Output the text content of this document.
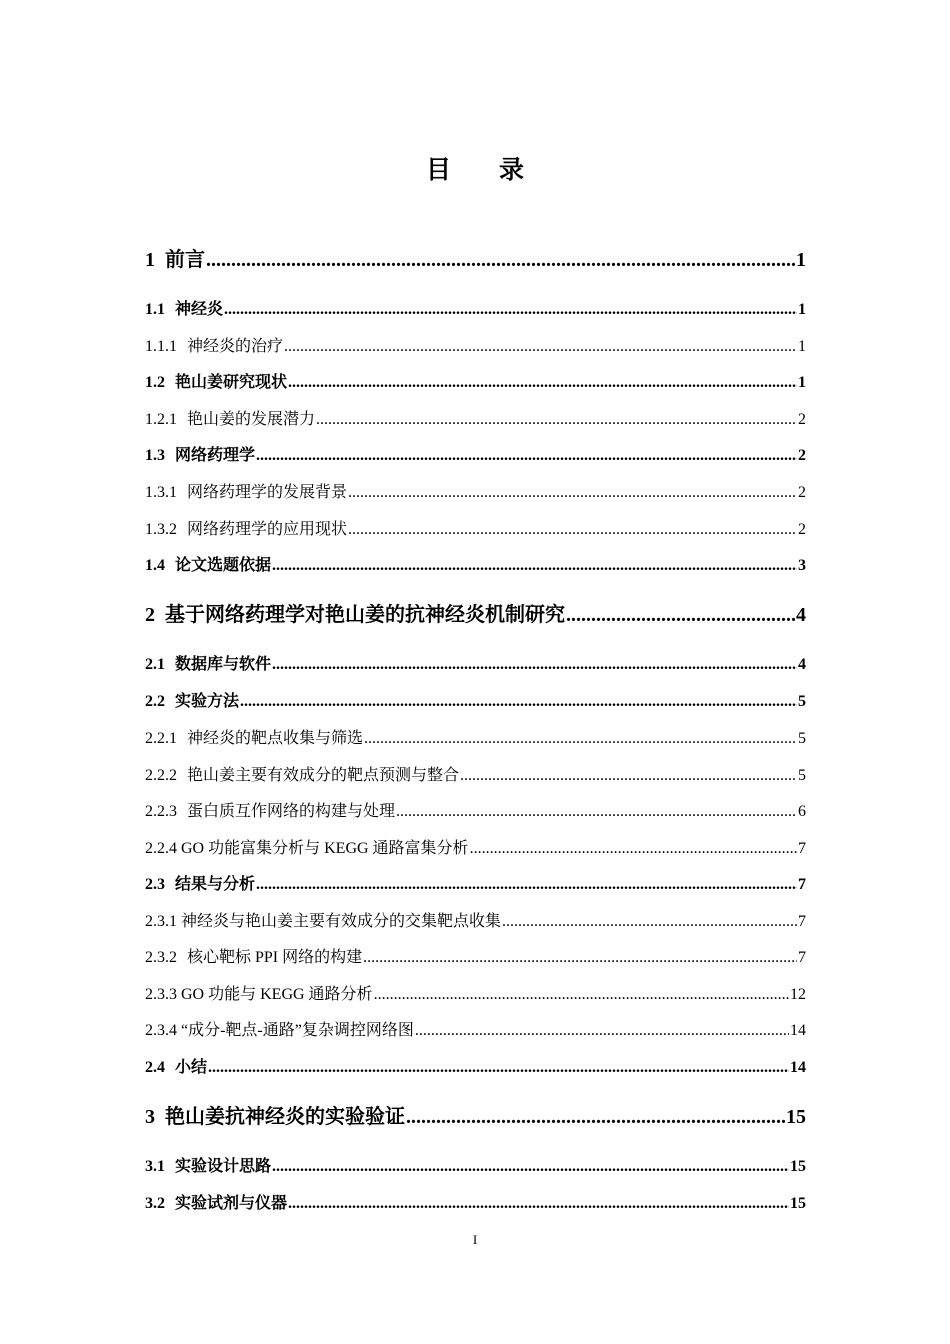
目 录
1 前言 .....	1
1.1 神经炎 .....	1
1.1.1 神经炎的治疗 .....	1
1.2 艳山姜研究现状 .....	1
1.2.1 艳山姜的发展潜力 .....	2
1.3 网络药理学 .....	2
1.3.1 网络药理学的发展背景 .....	2
1.3.2 网络药理学的应用现状 .....	2
1.4 论文选题依据 .....	3
2 基于网络药理学对艳山姜的抗神经炎机制研究 .....	4
2.1 数据库与软件 .....	4
2.2 实验方法 .....	5
2.2.1 神经炎的靶点收集与筛选 .....	5
2.2.2 艳山姜主要有效成分的靶点预测与整合 .....	5
2.2.3 蛋白质互作网络的构建与处理 .....	6
2.2.4 GO 功能富集分析与 KEGG 通路富集分析 .....	7
2.3 结果与分析 .....	7
2.3.1 神经炎与艳山姜主要有效成分的交集靶点收集 .....	7
2.3.2 核心靶标 PPI 网络的构建 .....	7
2.3.3 GO 功能与 KEGG 通路分析 .....	12
2.3.4 “成分-靶点-通路”复杂调控网络图 .....	14
2.4 小结 .....	14
3 艳山姜抗神经炎的实验验证 .....	15
3.1 实验设计思路 .....	15
3.2 实验试剂与仪器 .....	15
I
